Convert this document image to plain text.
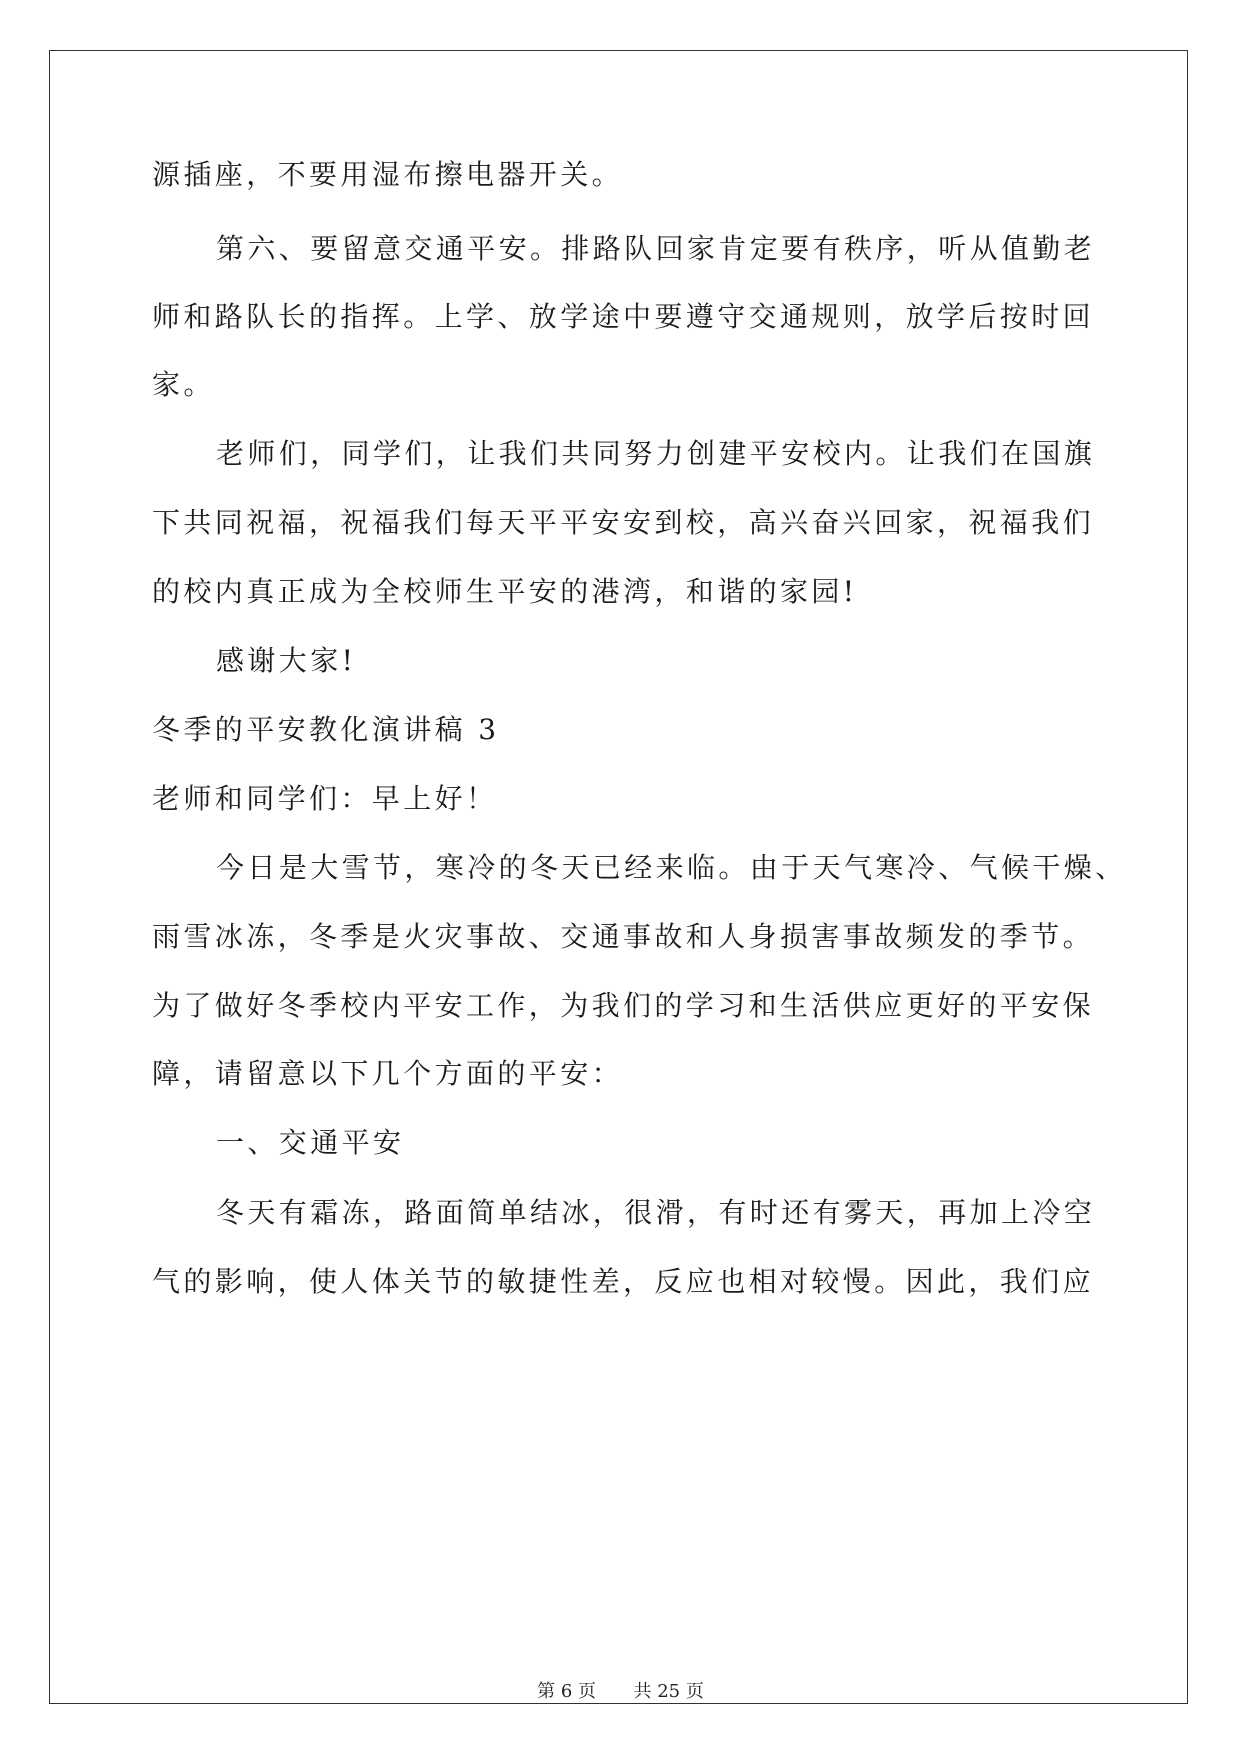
源插座，不要用湿布擦电器开关。
第六、要留意交通平安。排路队回家肯定要有秩序，听从值勤老
师和路队长的指挥。上学、放学途中要遵守交通规则，放学后按时回
家。
老师们，同学们，让我们共同努力创建平安校内。让我们在国旗
下共同祝福，祝福我们每天平平安安到校，高兴奋兴回家，祝福我们
的校内真正成为全校师生平安的港湾，和谐的家园!
感谢大家!
冬季的平安教化演讲稿 3
老师和同学们：早上好！
今日是大雪节，寒冷的冬天已经来临。由于天气寒冷、气候干燥、
雨雪冰冻，冬季是火灾事故、交通事故和人身损害事故频发的季节。
为了做好冬季校内平安工作，为我们的学习和生活供应更好的平安保
障，请留意以下几个方面的平安：
一、交通平安
冬天有霜冻，路面简单结冰，很滑，有时还有雾天，再加上冷空
气的影响，使人体关节的敏捷性差，反应也相对较慢。因此，我们应
第 6 页 共 25 页
